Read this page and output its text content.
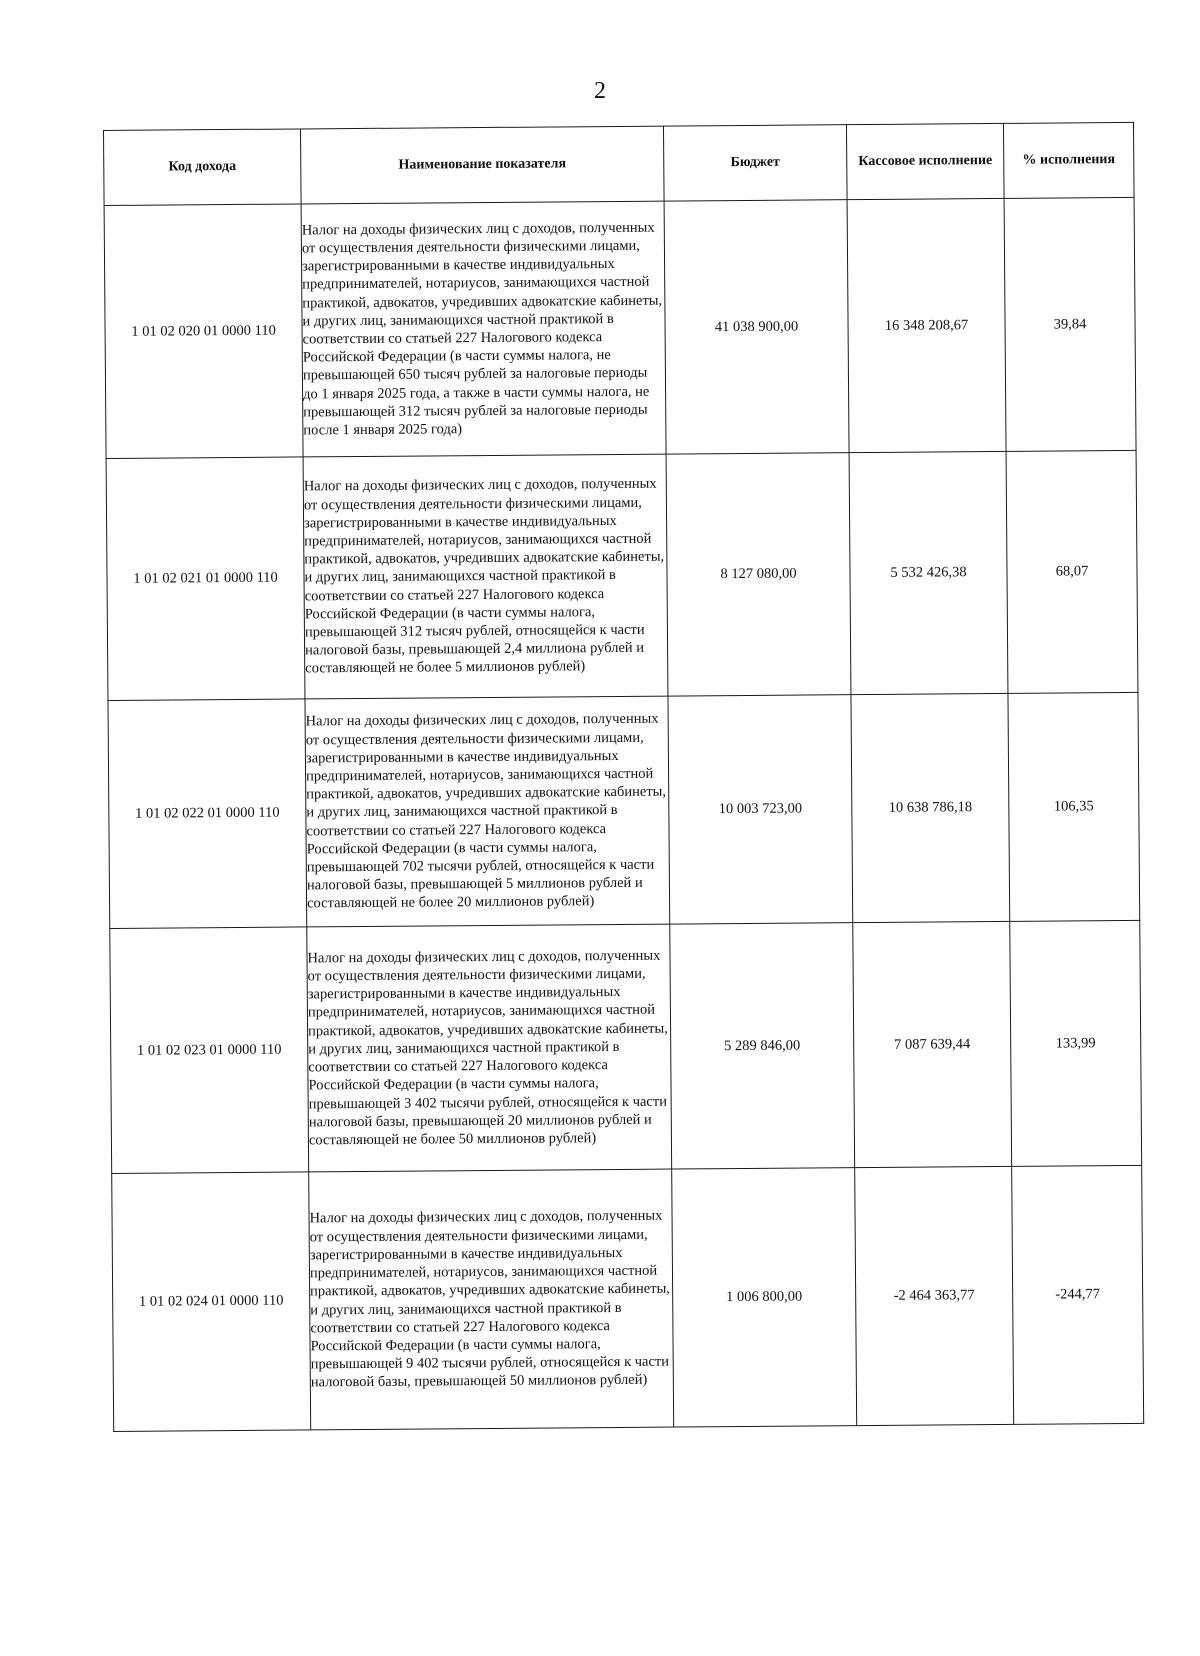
2
Код дохода	Наименование показателя	Бюджет	Кассовое исполнение	% исполнения
1 01 02 020 01 0000 110	Налог на доходы физических лиц с доходов, полученных от осуществления деятельности физическими лицами, зарегистрированными в качестве индивидуальных предпринимателей, нотариусов, занимающихся частной практикой, адвокатов, учредивших адвокатские кабинеты, и других лиц, занимающихся частной практикой в соответствии со статьей 227 Налогового кодекса Российской Федерации (в части суммы налога, не превышающей 650 тысяч рублей за налоговые периоды до 1 января 2025 года, а также в части суммы налога, не превышающей 312 тысяч рублей за налоговые периоды после 1 января 2025 года)	41 038 900,00	16 348 208,67	39,84
1 01 02 021 01 0000 110	Налог на доходы физических лиц с доходов, полученных от осуществления деятельности физическими лицами, зарегистрированными в качестве индивидуальных предпринимателей, нотариусов, занимающихся частной практикой, адвокатов, учредивших адвокатские кабинеты, и других лиц, занимающихся частной практикой в соответствии со статьей 227 Налогового кодекса Российской Федерации (в части суммы налога, превышающей 312 тысяч рублей, относящейся к части налоговой базы, превышающей 2,4 миллиона рублей и составляющей не более 5 миллионов рублей)	8 127 080,00	5 532 426,38	68,07
1 01 02 022 01 0000 110	Налог на доходы физических лиц с доходов, полученных от осуществления деятельности физическими лицами, зарегистрированными в качестве индивидуальных предпринимателей, нотариусов, занимающихся частной практикой, адвокатов, учредивших адвокатские кабинеты, и других лиц, занимающихся частной практикой в соответствии со статьей 227 Налогового кодекса Российской Федерации (в части суммы налога, превышающей 702 тысячи рублей, относящейся к части налоговой базы, превышающей 5 миллионов рублей и составляющей не более 20 миллионов рублей)	10 003 723,00	10 638 786,18	106,35
1 01 02 023 01 0000 110	Налог на доходы физических лиц с доходов, полученных от осуществления деятельности физическими лицами, зарегистрированными в качестве индивидуальных предпринимателей, нотариусов, занимающихся частной практикой, адвокатов, учредивших адвокатские кабинеты, и других лиц, занимающихся частной практикой в соответствии со статьей 227 Налогового кодекса Российской Федерации (в части суммы налога, превышающей 3 402 тысячи рублей, относящейся к части налоговой базы, превышающей 20 миллионов рублей и составляющей не более 50 миллионов рублей)	5 289 846,00	7 087 639,44	133,99
1 01 02 024 01 0000 110	Налог на доходы физических лиц с доходов, полученных от осуществления деятельности физическими лицами, зарегистрированными в качестве индивидуальных предпринимателей, нотариусов, занимающихся частной практикой, адвокатов, учредивших адвокатские кабинеты, и других лиц, занимающихся частной практикой в соответствии со статьей 227 Налогового кодекса Российской Федерации (в части суммы налога, превышающей 9 402 тысячи рублей, относящейся к части налоговой базы, превышающей 50 миллионов рублей)	1 006 800,00	-2 464 363,77	-244,77
